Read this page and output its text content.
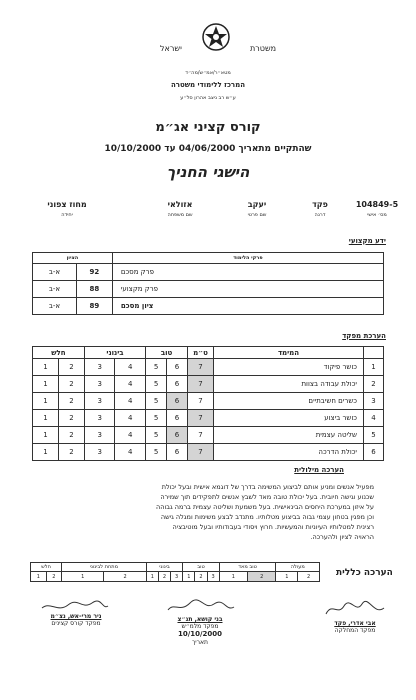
משטרת
ישראל
מטא״ר/אמ״ש/מה״ד
המרכז ללימודי משטרה
ע״ש רב ניצב אהרון סל״ע
קורס קציני אג״מ
שהתקיים מתאריך 04/06/2000 עד 10/10/2000
הישגי החניך
104849-5
מס׳ אישי
פקד
דרגה
יעקב
שם פרטי
אזולאי
שם משפחה
מחוז צפוני
יחידה
ידע מקצועי
פרקי הלימוד	הציון	
פרק מסכם	92	א-ב
פרק מקצועי	88	א-ב
ציון מסכם	89	א-ב
הערכת מפקד
	המימד	ט״מ	טוב		בינוני		חלש	
1	כושר פיקוד	7	6	5	4	3	2	1
2	יכולת עבודה בצוות	7	6	5	4	3	2	1
3	כשרים חשיבתיים	7	6	5	4	3	2	1
4	כושר ביצוע	7	6	5	4	3	2	1
5	שליטה עצמית	7	6	5	4	3	2	1
6	יכולת הדרכה	7	6	5	4	3	2	1
הערכה מילולית
מפעיל אנשים ומניע אותם לביצוע המשימה בדרך של דוגמא אישית ובעל יכולת
שכנוע וגישה חיובית. בעל יכולת טובה מאד לשבץ אנשים לתפקידים תוך שמירה
על איזון במערכת היחסים הבינאישית. בעל משמעת ושליטה עצמית ברמה גבוהה
וכן מפגין בטחון עצמי גבוה בביצוע מטלותיו. מתנדב לבצע משימות ומגלה גישה
רצינית למטלותיו העיוניות והמעשיות. חרוץ ויסודי בעבודותיו ובעל מוטיבציה
הראויה לציון ולהערכה.
הערכה כללית
מעולה		טוב מאד		טוב			בינוני			מתחת לבינוני		חלש	
2	1	2	1	3	2	1	3	2	1	2	1	2	1
אבי אדרי, פקד
מפקד המחלקה
בני קושא, תנ״צ
מפקד מלמ״ש
10/10/2000
תאריך
ניר מרי-אש, נצ״מ
מפקד קורס קצינים
